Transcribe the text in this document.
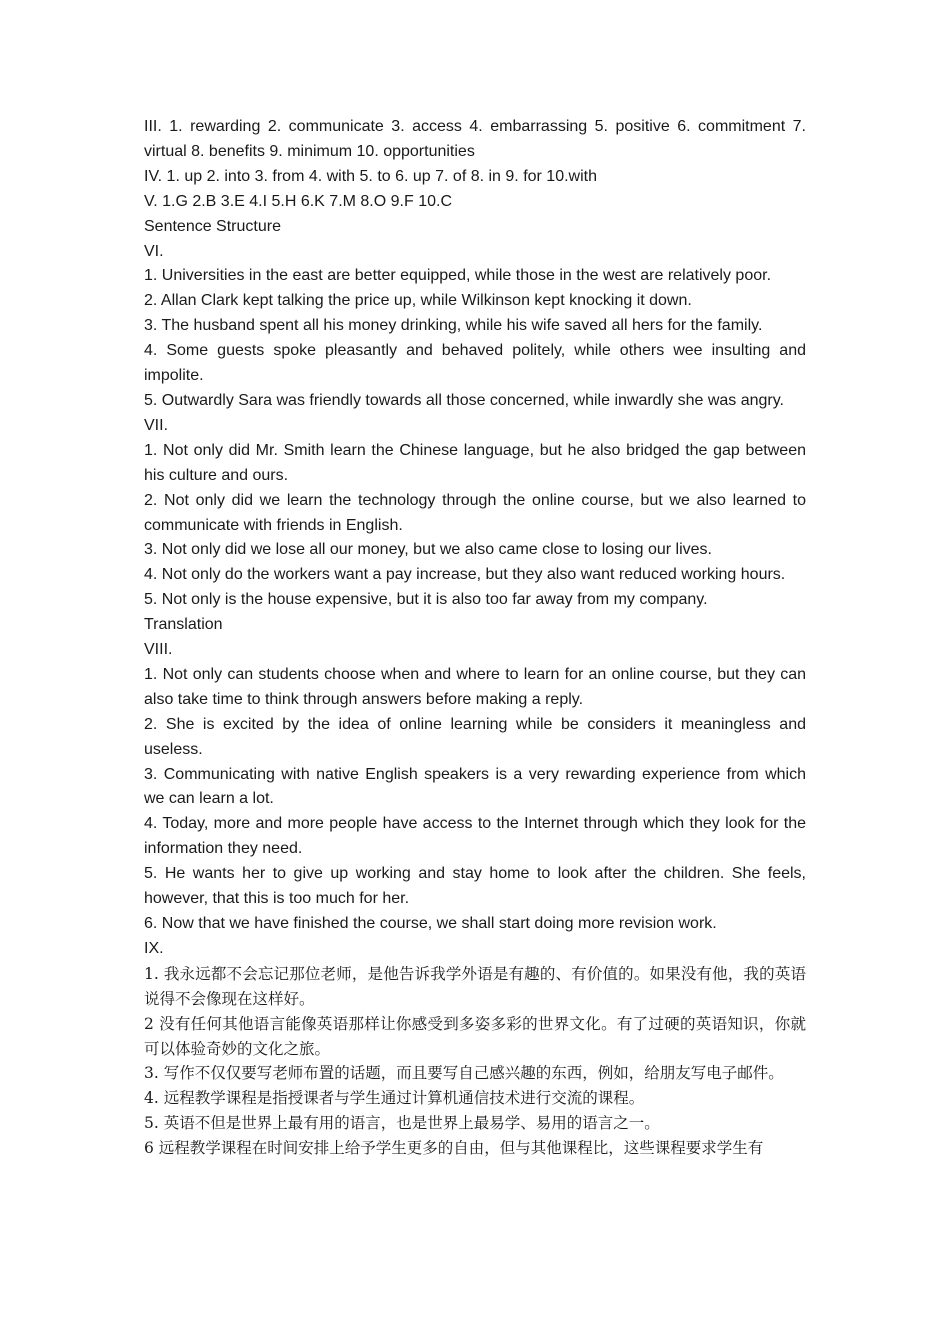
III. 1. rewarding 2. communicate 3. access 4. embarrassing 5. positive 6. commitment 7. virtual 8. benefits 9. minimum 10. opportunities
IV. 1. up 2. into 3. from 4. with 5. to 6. up 7. of 8. in 9. for 10.with
V. 1.G 2.B 3.E 4.I 5.H 6.K 7.M 8.O 9.F 10.C
Sentence Structure
VI.
1. Universities in the east are better equipped, while those in the west are relatively poor.
2. Allan Clark kept talking the price up, while Wilkinson kept knocking it down.
3. The husband spent all his money drinking, while his wife saved all hers for the family.
4. Some guests spoke pleasantly and behaved politely, while others wee insulting and impolite.
5. Outwardly Sara was friendly towards all those concerned, while inwardly she was angry.
VII.
1. Not only did Mr. Smith learn the Chinese language, but he also bridged the gap between his culture and ours.
2. Not only did we learn the technology through the online course, but we also learned to communicate with friends in English.
3. Not only did we lose all our money, but we also came close to losing our lives.
4. Not only do the workers want a pay increase, but they also want reduced working hours.
5. Not only is the house expensive, but it is also too far away from my company.
Translation
VIII.
1. Not only can students choose when and where to learn for an online course, but they can also take time to think through answers before making a reply.
2. She is excited by the idea of online learning while be considers it meaningless and useless.
3. Communicating with native English speakers is a very rewarding experience from which we can learn a lot.
4. Today, more and more people have access to the Internet through which they look for the information they need.
5. He wants her to give up working and stay home to look after the children. She feels, however, that this is too much for her.
6. Now that we have finished the course, we shall start doing more revision work.
IX.
1. 我永远都不会忘记那位老师，是他告诉我学外语是有趣的、有价值的。如果没有他，我的英语说得不会像现在这样好。
2 没有任何其他语言能像英语那样让你感受到多姿多彩的世界文化。有了过硬的英语知识，你就可以体验奇妙的文化之旅。
3. 写作不仅仅要写老师布置的话题，而且要写自己感兴趣的东西，例如，给朋友写电子邮件。
4. 远程教学课程是指授课者与学生通过计算机通信技术进行交流的课程。
5. 英语不但是世界上最有用的语言，也是世界上最易学、易用的语言之一。
6 远程教学课程在时间安排上给予学生更多的自由，但与其他课程比，这些课程要求学生有
